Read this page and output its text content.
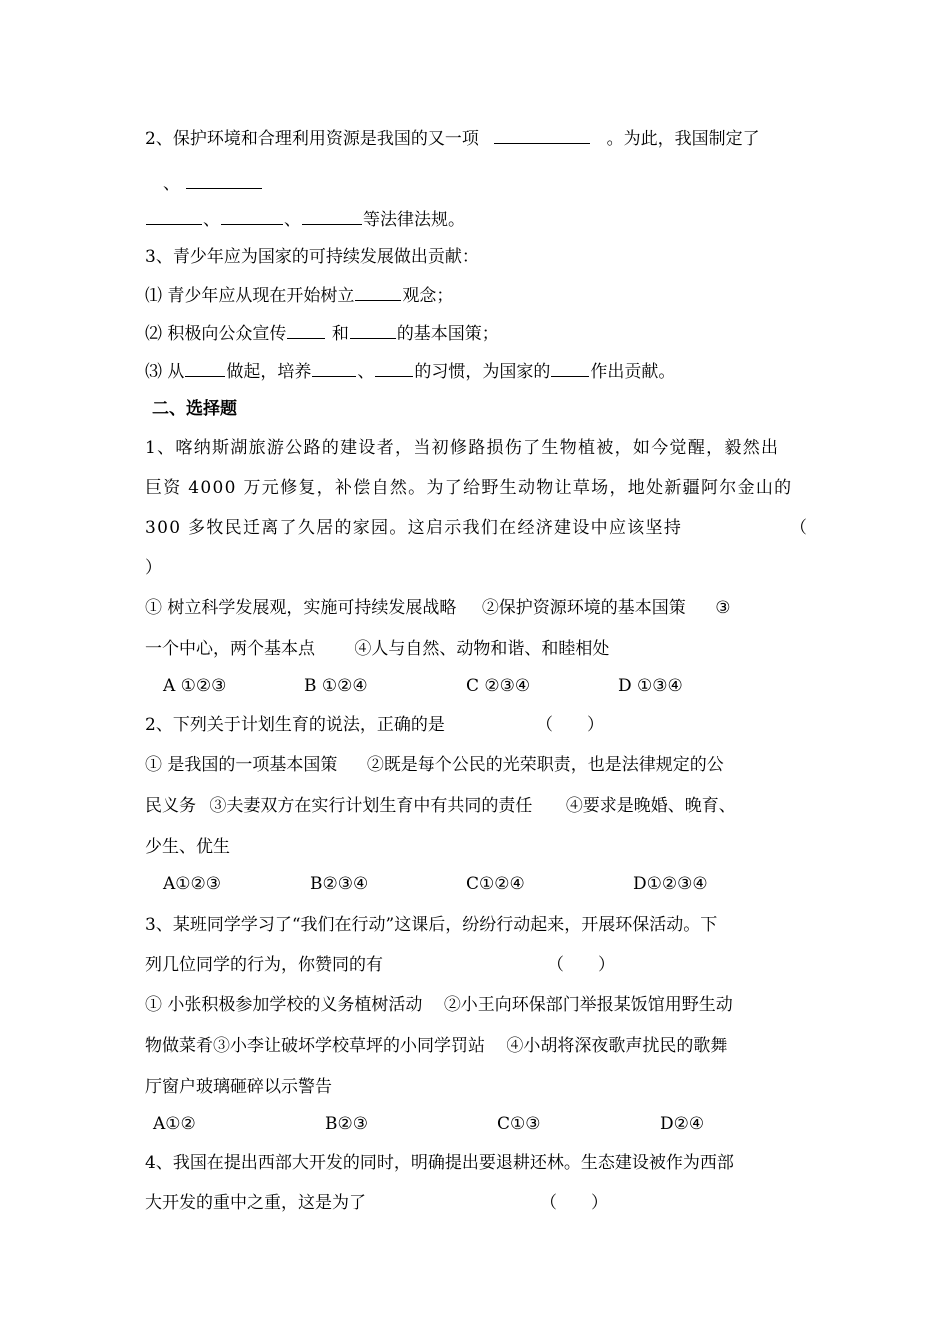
2、保护环境和合理利用资源是我国的又一项	。为此，我国制定了
、
、	、	等法律法规。
3、青少年应为国家的可持续发展做出贡献：
⑴ 青少年应从现在开始树立	观念；
⑵ 积极向公众宣传	和	的基本国策；
⑶ 从 做起，培养	、 的习惯，为国家的 作出贡献。
二、选择题
1、喀纳斯湖旅游公路的建设者，当初修路损伤了生物植被，如今觉醒，毅然出
巨资 4000 万元修复，补偿自然。为了给野生动物让草场，地处新疆阿尔金山的
300 多牧民迁离了久居的家园。这启示我们在经济建设中应该坚持	（
）
① 树立科学发展观，实施可持续发展战略 ②保护资源环境的基本国策 ③
一个中心，两个基本点 ④人与自然、动物和谐、和睦相处
A ①②③	B ①②④	C ②③④	D ①③④
2、下列关于计划生育的说法，正确的是	（　　）
① 是我国的一项基本国策 ②既是每个公民的光荣职责，也是法律规定的公
民义务 ③夫妻双方在实行计划生育中有共同的责任 ④要求是晚婚、晚育、
少生、优生
A①②③	B②③④	C①②④	D①②③④
3、某班同学学习了“我们在行动”这课后，纷纷行动起来，开展环保活动。下
列几位同学的行为，你赞同的有	（　　）
① 小张积极参加学校的义务植树活动 ②小王向环保部门举报某饭馆用野生动
物做菜肴③小李让破坏学校草坪的小同学罚站 ④小胡将深夜歌声扰民的歌舞
厅窗户玻璃砸碎以示警告
A①②	B②③	C①③	D②④
4、我国在提出西部大开发的同时，明确提出要退耕还林。生态建设被作为西部
大开发的重中之重，这是为了	（　　）
